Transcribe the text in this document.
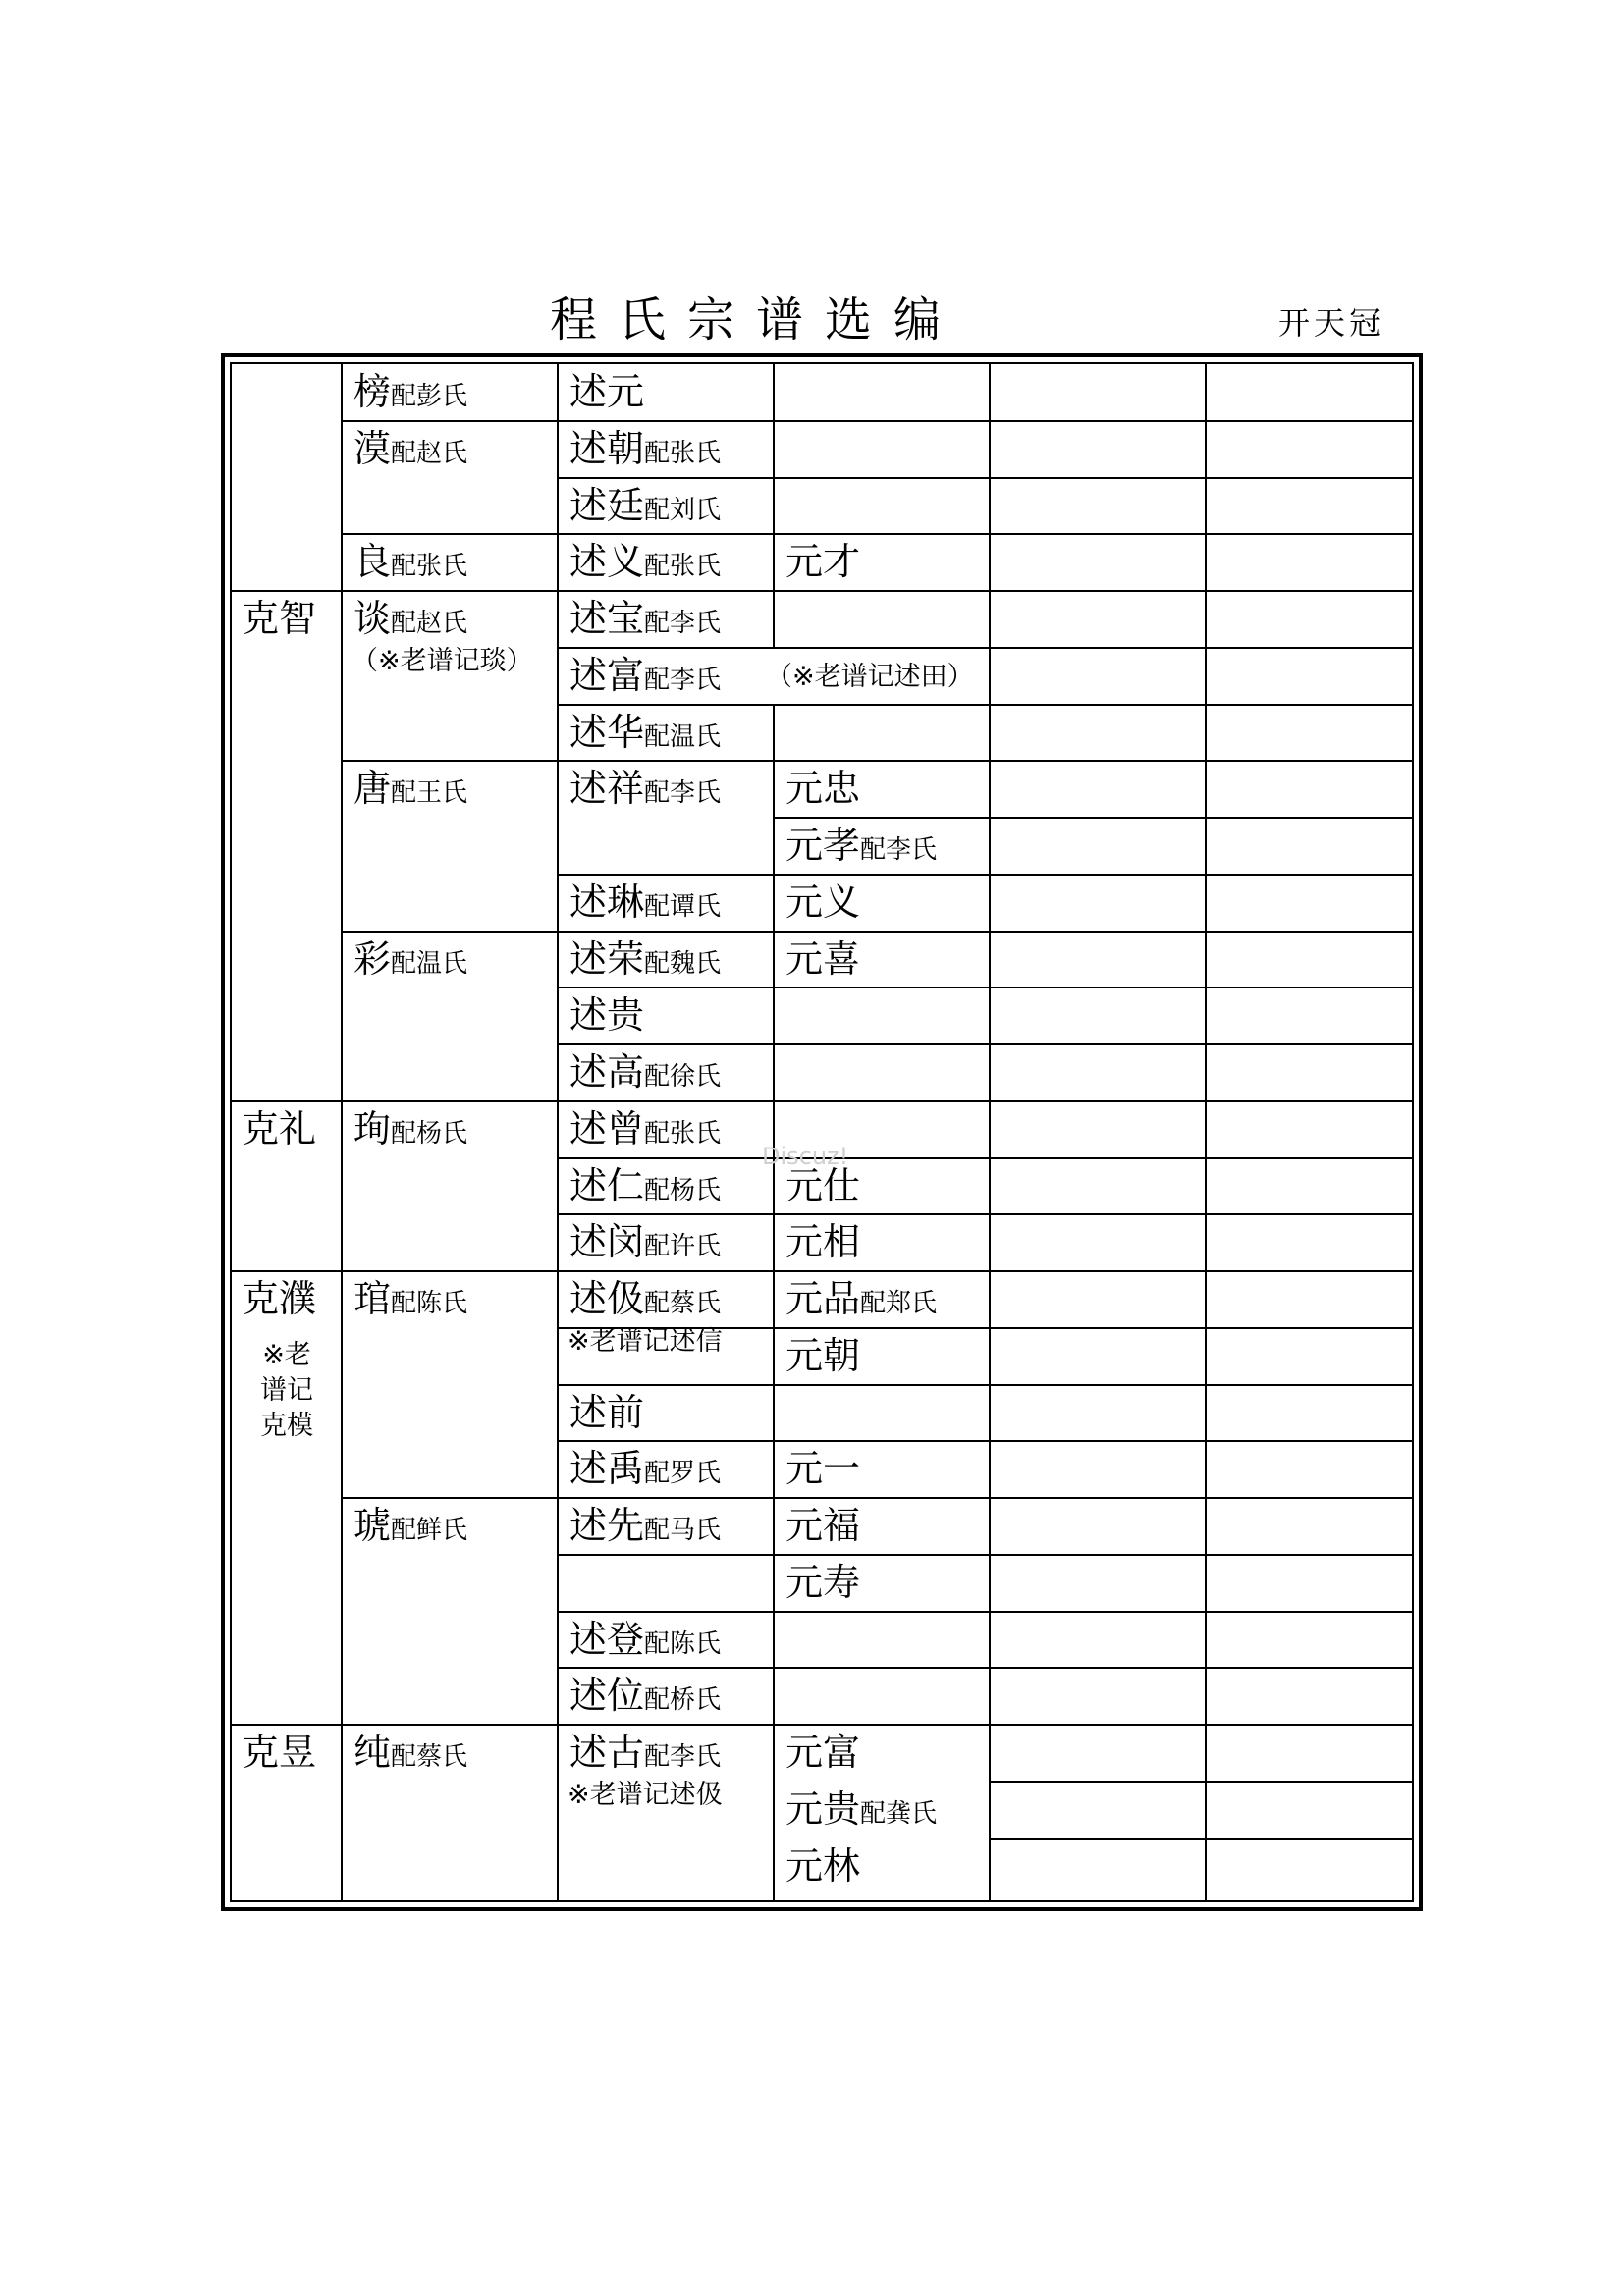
程氏宗谱选编	开天冠
克智
克礼
克濮
克昱
※老谱记克模
榜配彭氏
漠配赵氏
良配张氏
谈配赵氏
唐配王氏
彩配温氏
珣配杨氏
琯配陈氏
琥配鲜氏
纯配蔡氏
（※老谱记琰）
述元
述朝配张氏
述廷配刘氏
述义配张氏
述宝配李氏
述富配李氏
述华配温氏
述祥配李氏
述琳配谭氏
述荣配魏氏
述贵
述高配徐氏
述曾配张氏
述仁配杨氏
述闵配许氏
述伋配蔡氏
述前
述禹配罗氏
述先配马氏
述登配陈氏
述位配桥氏
述古配李氏
※老谱记述信
※老谱记述伋
（※老谱记述田）
元才
元忠
元孝配李氏
元义
元喜
元仕
元相
元品配郑氏
元朝
元一
元福
元寿
元富
元贵配龚氏
元林
Discuz!
